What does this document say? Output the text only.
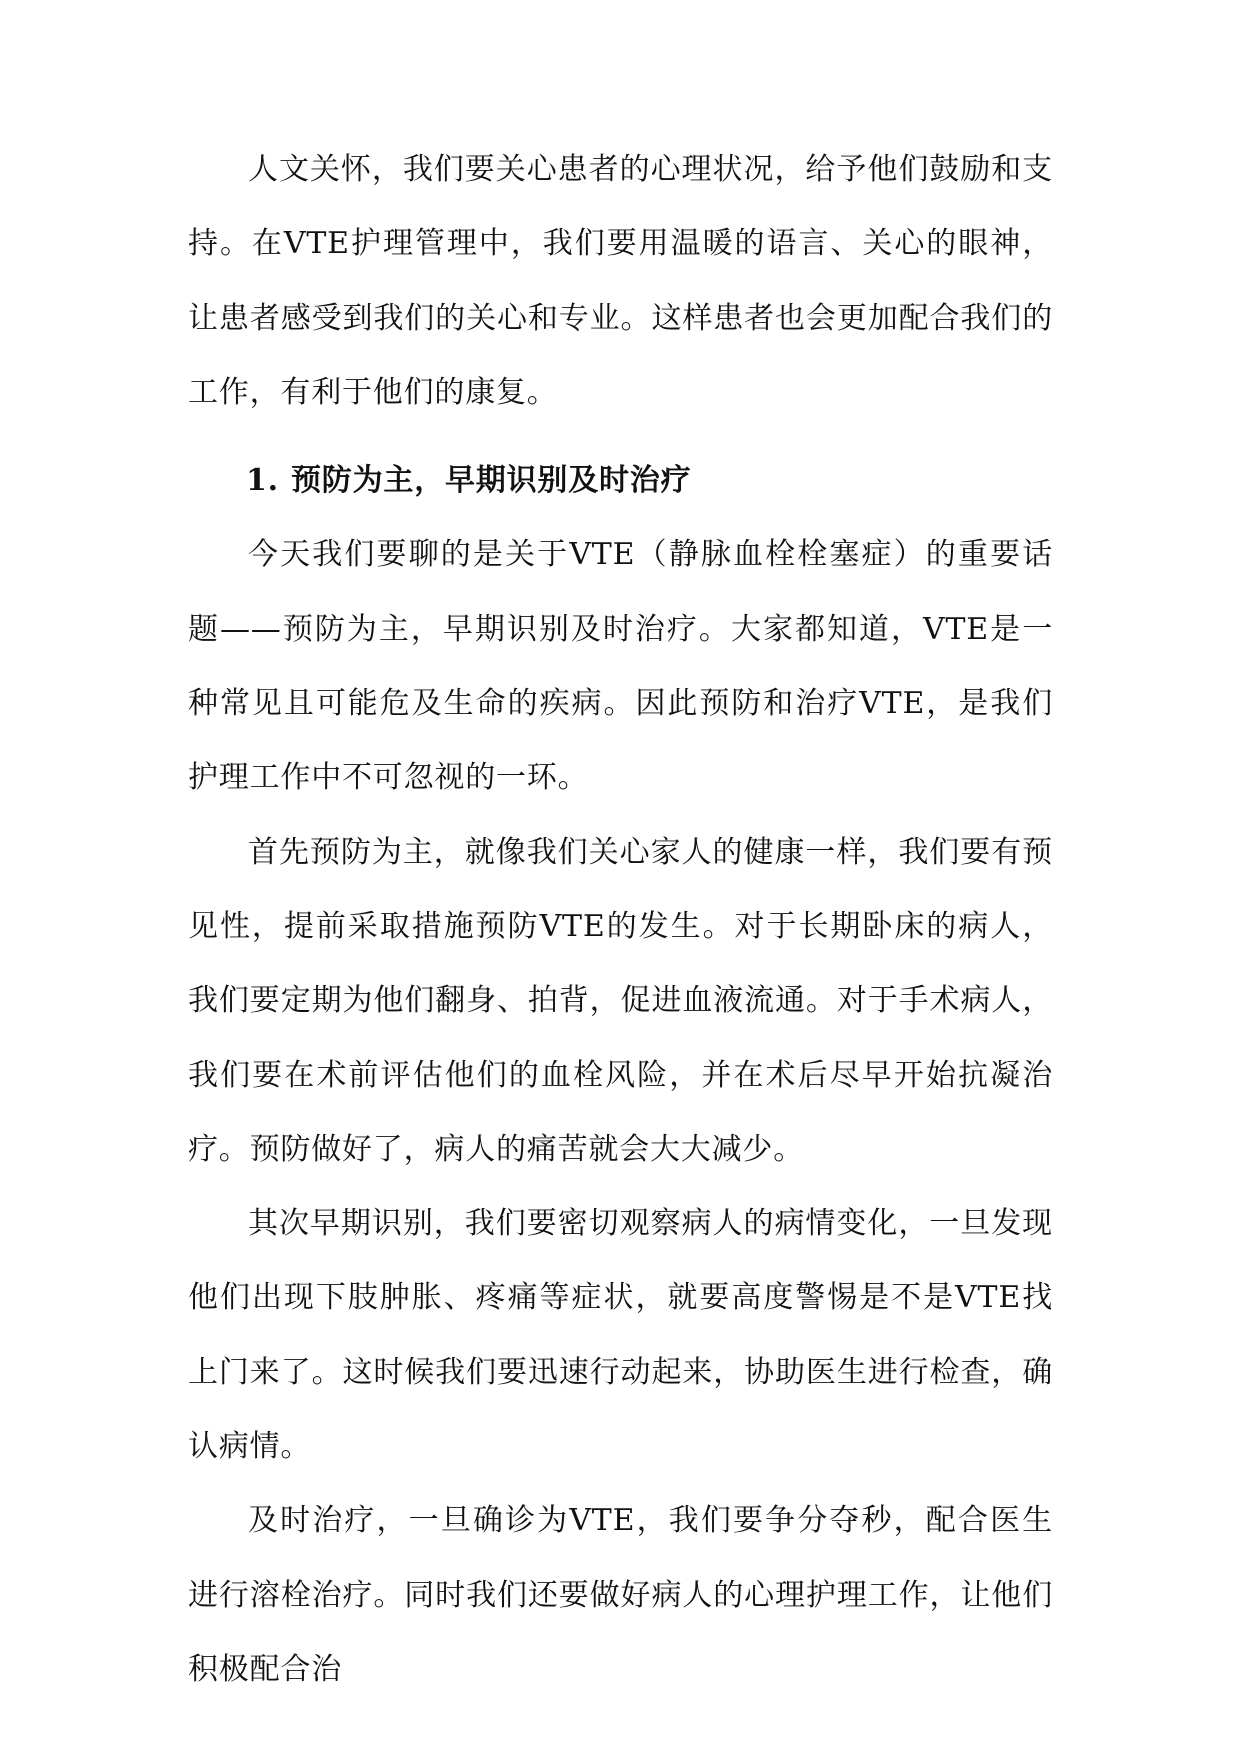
人文关怀，我们要关心患者的心理状况，给予他们鼓励和支持。在VTE护理管理中，我们要用温暖的语言、关心的眼神，让患者感受到我们的关心和专业。这样患者也会更加配合我们的工作，有利于他们的康复。

1. 预防为主，早期识别及时治疗

今天我们要聊的是关于VTE（静脉血栓栓塞症）的重要话题——预防为主，早期识别及时治疗。大家都知道，VTE是一种常见且可能危及生命的疾病。因此预防和治疗VTE，是我们护理工作中不可忽视的一环。

首先预防为主，就像我们关心家人的健康一样，我们要有预见性，提前采取措施预防VTE的发生。对于长期卧床的病人，我们要定期为他们翻身、拍背，促进血液流通。对于手术病人，我们要在术前评估他们的血栓风险，并在术后尽早开始抗凝治疗。预防做好了，病人的痛苦就会大大减少。

其次早期识别，我们要密切观察病人的病情变化，一旦发现他们出现下肢肿胀、疼痛等症状，就要高度警惕是不是VTE找上门来了。这时候我们要迅速行动起来，协助医生进行检查，确认病情。

及时治疗，一旦确诊为VTE，我们要争分夺秒，配合医生进行溶栓治疗。同时我们还要做好病人的心理护理工作，让他们积极配合治
